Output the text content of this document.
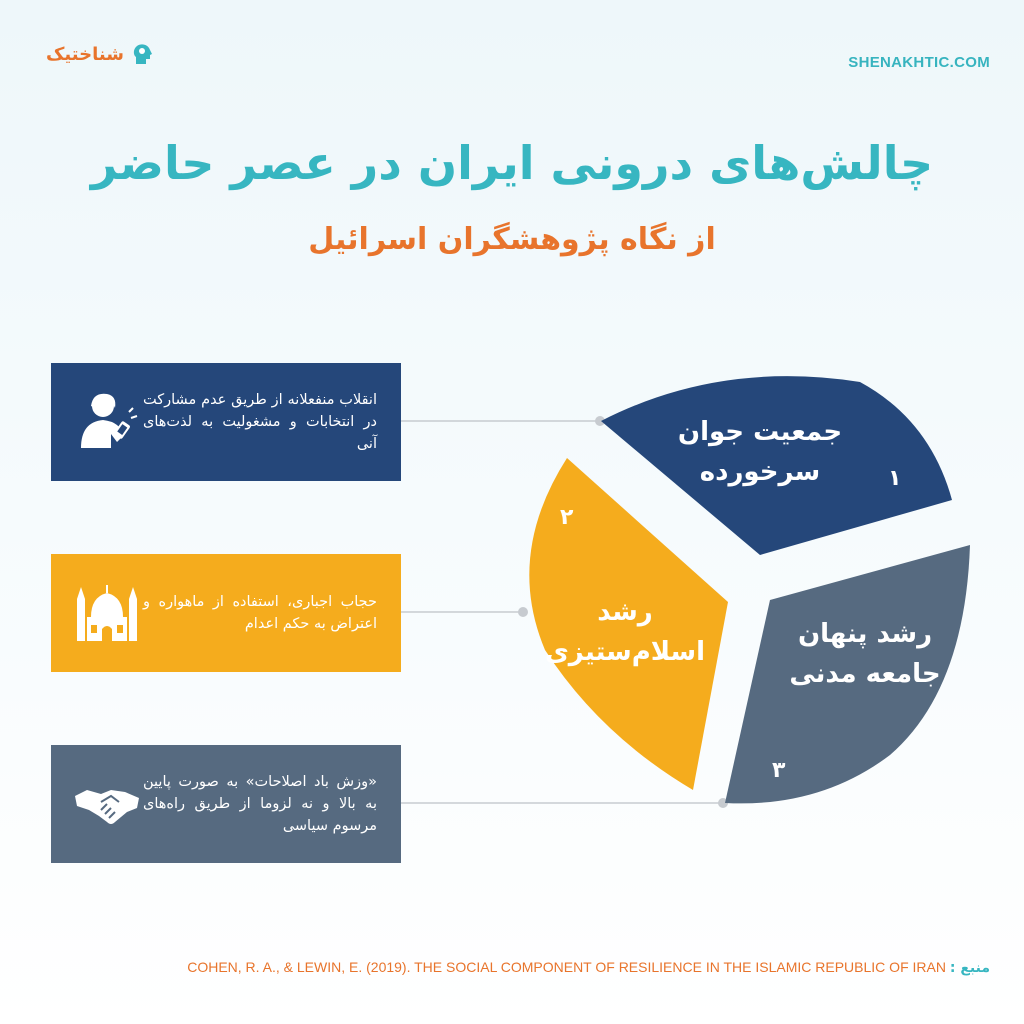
شناختیک	SHENAKHTIC.COM
چالش‌های درونی ایران در عصر حاضر
از نگاه پژوهشگران اسرائیل
جمعیت جوان سرخورده	۱
رشد اسلام‌ستیزی
۲
رشد پنهان جامعه مدنی
۳
انقلاب منفعلانه از طریق عدم مشارکت در انتخابات و مشغولیت به لذت‌های آنی
حجاب اجباری، استفاده از ماهواره و اعتراض به حکم اعدام
«وزش باد اصلاحات» به صورت پایین به بالا و نه لزوما از طریق راه‌های مرسوم سیاسی
منبع : COHEN, R. A., & LEWIN, E. (2019). THE SOCIAL COMPONENT OF RESILIENCE IN THE ISLAMIC REPUBLIC OF IRAN
